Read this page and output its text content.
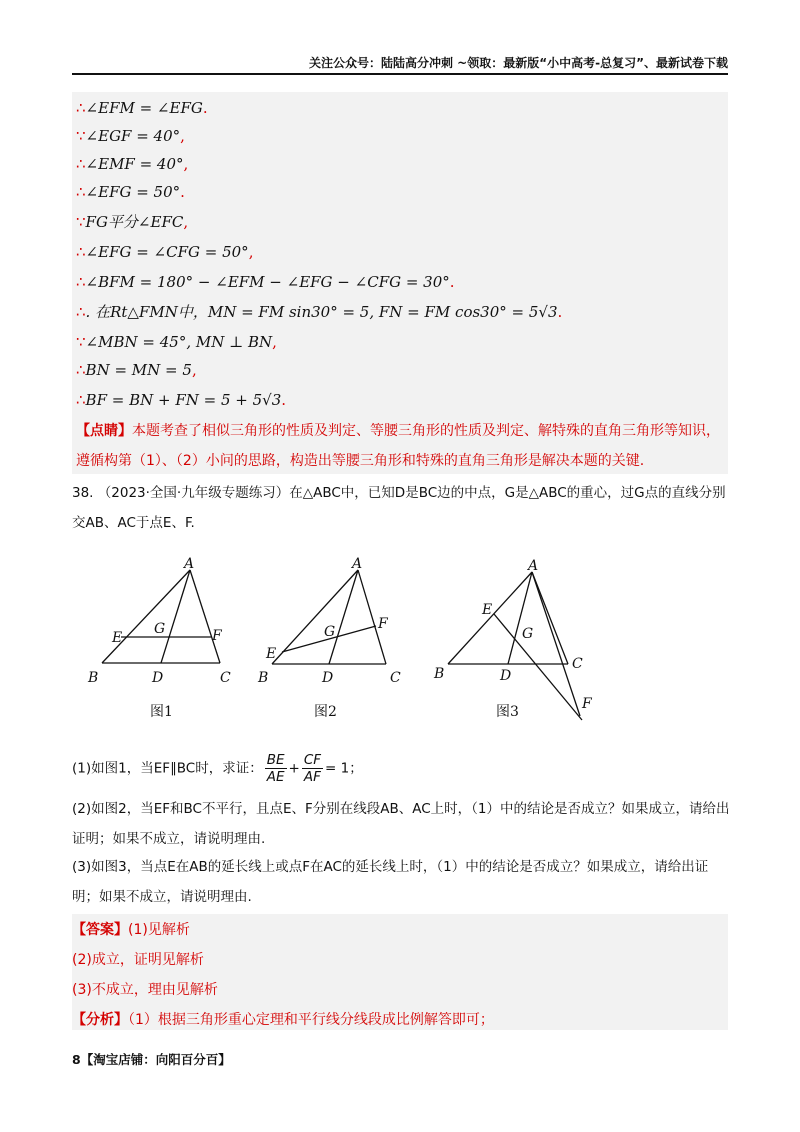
关注公众号：陆陆高分冲刺 ~领取：最新版“小中高考-总复习”、最新试卷下载
∴∠EFM = ∠EFG.
∵∠EGF = 40°,
∴∠EMF = 40°,
∴∠EFG = 50°.
∵FG平分∠EFC,
∴∠EFG = ∠CFG = 50°,
∴∠BFM = 180° − ∠EFM − ∠EFG − ∠CFG = 30°.
∴. 在Rt△FMN中，MN = FM sin30° = 5, FN = FM cos30° = 5√3.
∵∠MBN = 45°, MN ⊥ BN,
∴BN = MN = 5,
∴BF = BN + FN = 5 + 5√3.
【点睛】本题考查了相似三角形的性质及判定、等腰三角形的性质及判定、解特殊的直角三角形等知识，遵循构第（1）、（2）小问的思路，构造出等腰三角形和特殊的直角三角形是解决本题的关键.
38. （2023·全国·九年级专题练习）在△ABC中，已知D是BC边的中点，G是△ABC的重心，过G点的直线分别交AB、AC于点E、F.
A
B	C
D
E	F
G
图1
A
B	C
D
E
F
G
图2
A
B
C
D
E
F
G
图3
(1)如图1，当EF∥BC时，求证： $\frac{BE}{AE} + \frac{CF}{AF} = 1$；
(2)如图2，当EF和BC不平行，且点E、F分别在线段AB、AC上时，（1）中的结论是否成立？如果成立，请给出证明；如果不成立，请说明理由.
(3)如图3，当点E在AB的延长线上或点F在AC的延长线上时，（1）中的结论是否成立？如果成立，请给出证明；如果不成立，请说明理由.
【答案】(1)见解析
(2)成立，证明见解析
(3)不成立，理由见解析
【分析】（1）根据三角形重心定理和平行线分线段成比例解答即可；
8【淘宝店铺：向阳百分百】
